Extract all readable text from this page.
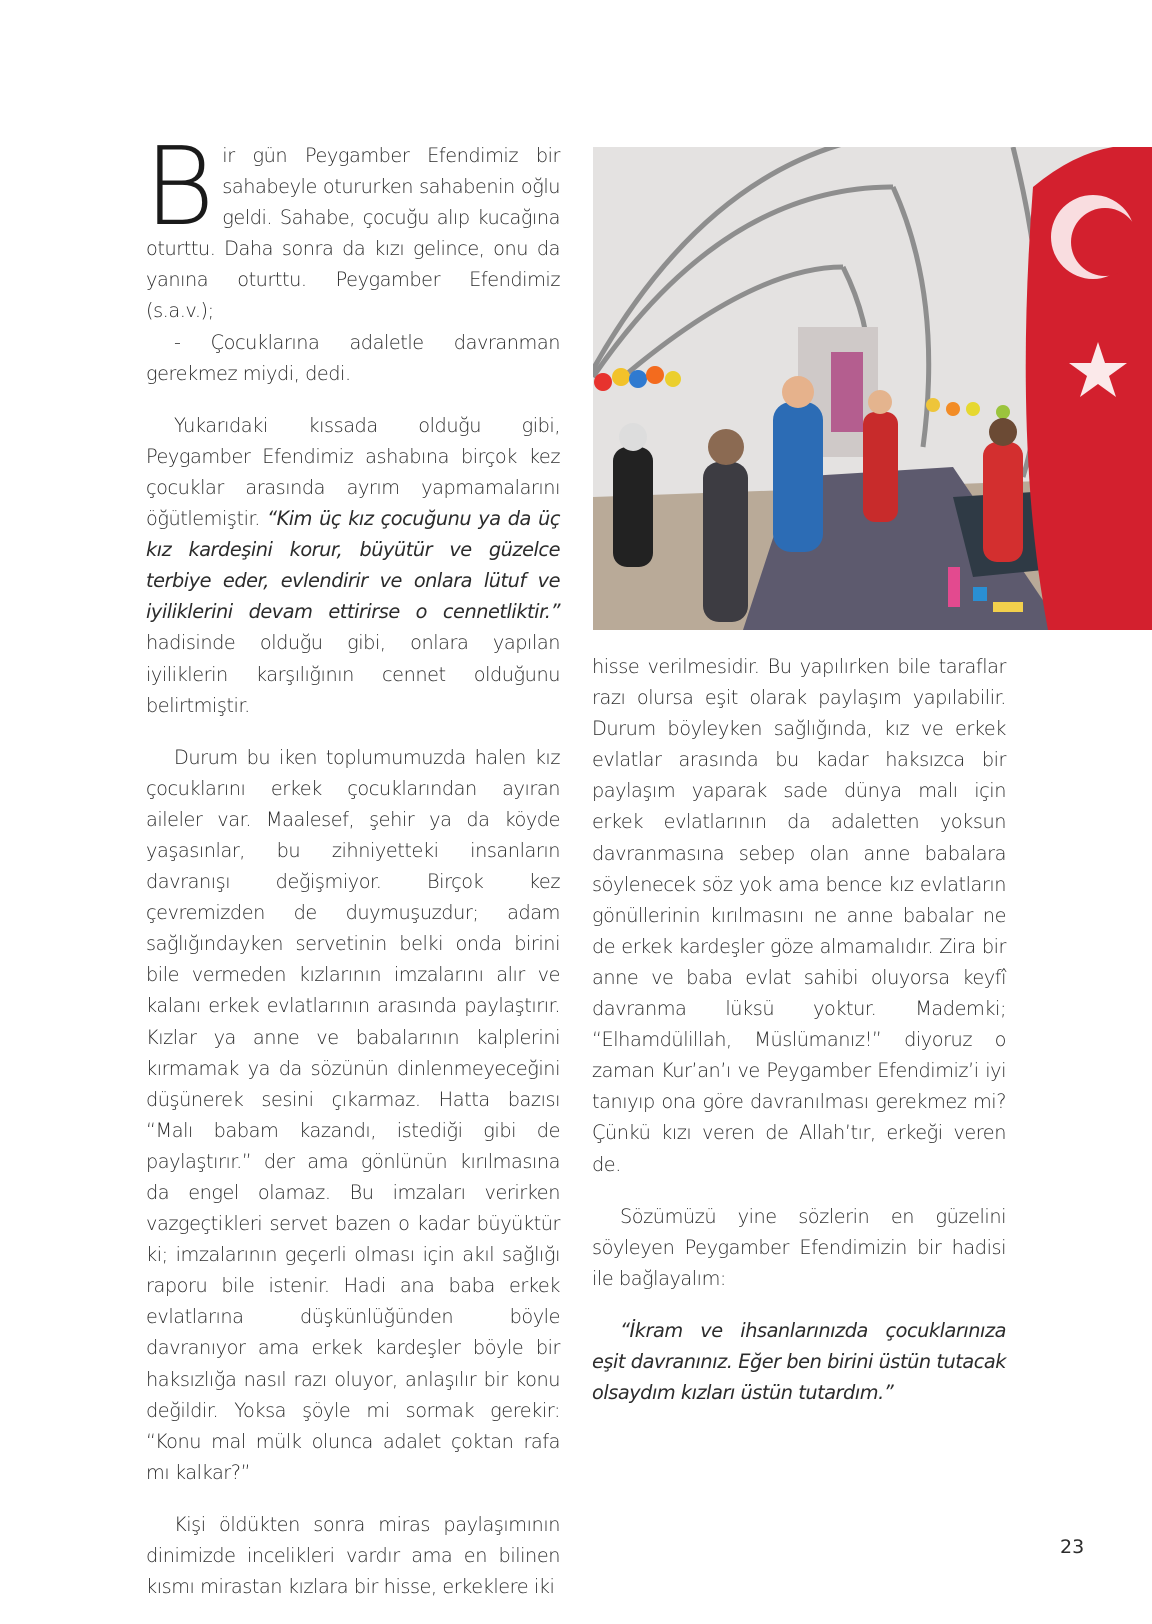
Bir gün Peygamber Efendimiz bir sahabeyle otururken sahabenin oğlu geldi. Sahabe, çocuğu alıp kucağına oturttu. Daha sonra da kızı gelince, onu da yanına oturttu. Peygamber Efendimiz (s.a.v.);

- Çocuklarına adaletle davranman gerekmez miydi, dedi.

Yukarıdaki kıssada olduğu gibi, Peygamber Efendimiz ashabına birçok kez çocuklar arasında ayrım yapmamalarını öğütlemiştir. “Kim üç kız çocuğunu ya da üç kız kardeşini korur, büyütür ve güzelce terbiye eder, evlendirir ve onlara lütuf ve iyiliklerini devam ettirirse o cennetliktir.” hadisinde olduğu gibi, onlara yapılan iyiliklerin karşılığının cennet olduğunu belirtmiştir.

Durum bu iken toplumumuzda halen kız çocuklarını erkek çocuklarından ayıran aileler var. Maalesef, şehir ya da köyde yaşasınlar, bu zihniyetteki insanların davranışı değişmiyor. Birçok kez çevremizden de duymuşuzdur; adam sağlığındayken servetinin belki onda birini bile vermeden kızlarının imzalarını alır ve kalanı erkek evlatlarının arasında paylaştırır. Kızlar ya anne ve babalarının kalplerini kırmamak ya da sözünün dinlenmeyeceğini düşünerek sesini çıkarmaz. Hatta bazısı “Malı babam kazandı, istediği gibi de paylaştırır.” der ama gönlünün kırılmasına da engel olamaz. Bu imzaları verirken vazgeçtikleri servet bazen o kadar büyüktür ki; imzalarının geçerli olması için akıl sağlığı raporu bile istenir. Hadi ana baba erkek evlatlarına düşkünlüğünden böyle davranıyor ama erkek kardeşler böyle bir haksızlığa nasıl razı oluyor, anlaşılır bir konu değildir. Yoksa şöyle mi sormak gerekir: “Konu mal mülk olunca adalet çoktan rafa mı kalkar?”

Kişi öldükten sonra miras paylaşımının dinimizde incelikleri vardır ama en bilinen kısmı mirastan kızlara bir hisse, erkeklere iki

hisse verilmesidir. Bu yapılırken bile taraflar razı olursa eşit olarak paylaşım yapılabilir. Durum böyleyken sağlığında, kız ve erkek evlatlar arasında bu kadar haksızca bir paylaşım yaparak sade dünya malı için erkek evlatlarının da adaletten yoksun davranmasına sebep olan anne babalara söylenecek söz yok ama bence kız evlatların gönüllerinin kırılmasını ne anne babalar ne de erkek kardeşler göze almamalıdır. Zira bir anne ve baba evlat sahibi oluyorsa keyfî davranma lüksü yoktur. Mademki; “Elhamdülillah, Müslümanız!” diyoruz o zaman Kur’an’ı ve Peygamber Efendimiz’i iyi tanıyıp ona göre davranılması gerekmez mi? Çünkü kızı veren de Allah’tır, erkeği veren de.

Sözümüzü yine sözlerin en güzelini söyleyen Peygamber Efendimizin bir hadisi ile bağlayalım:

“İkram ve ihsanlarınızda çocuklarınıza eşit davranınız. Eğer ben birini üstün tutacak olsaydım kızları üstün tutardım.”

23
